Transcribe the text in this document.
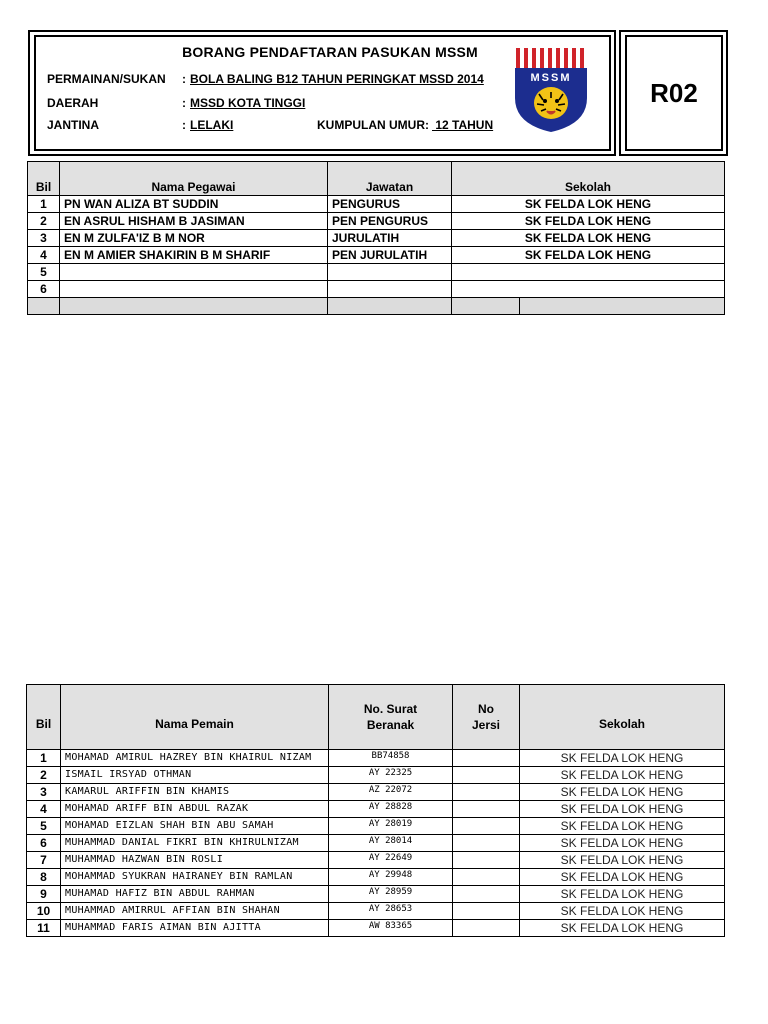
R02
BORANG PENDAFTARAN PASUKAN MSSM
PERMAINAN/SUKAN : BOLA BALING B12 TAHUN PERINGKAT MSSD 2014
DAERAH	: MSSD KOTA TINGGI
JANTINA	: LELAKI	KUMPULAN UMUR: 12 TAHUN
MSSM
Bil	Nama Pegawai	Jawatan	Sekolah	
1	PN WAN ALIZA BT SUDDIN	PENGURUS	SK FELDA LOK HENG	
2	EN ASRUL HISHAM B JASIMAN	PEN PENGURUS	SK FELDA LOK HENG	
3	EN M ZULFA'IZ B M NOR	JURULATIH	SK FELDA LOK HENG	
4	EN M AMIER SHAKIRIN B M SHARIF	PEN JURULATIH	SK FELDA LOK HENG	
5				
6				

Bil	Nama Pemain	No. Surat Beranak	No Jersi	Sekolah
1	MOHAMAD AMIRUL HAZREY BIN KHAIRUL NIZAM	BB74858		SK FELDA LOK HENG
2	ISMAIL IRSYAD OTHMAN	AY 22325		SK FELDA LOK HENG
3	KAMARUL ARIFFIN BIN KHAMIS	AZ 22072		SK FELDA LOK HENG
4	MOHAMAD ARIFF BIN ABDUL RAZAK	AY 28828		SK FELDA LOK HENG
5	MOHAMAD EIZLAN SHAH BIN ABU SAMAH	AY 28019		SK FELDA LOK HENG
6	MUHAMMAD DANIAL FIKRI BIN KHIRULNIZAM	AY 28014		SK FELDA LOK HENG
7	MUHAMMAD HAZWAN BIN ROSLI	AY 22649		SK FELDA LOK HENG
8	MOHAMMAD SYUKRAN HAIRANEY BIN RAMLAN	AY 29948		SK FELDA LOK HENG
9	MUHAMAD HAFIZ BIN ABDUL RAHMAN	AY 28959		SK FELDA LOK HENG
10	MUHAMMAD AMIRRUL AFFIAN BIN SHAHAN	AY 28653		SK FELDA LOK HENG
11	MUHAMMAD FARIS AIMAN BIN AJITTA	AW 83365		SK FELDA LOK HENG
